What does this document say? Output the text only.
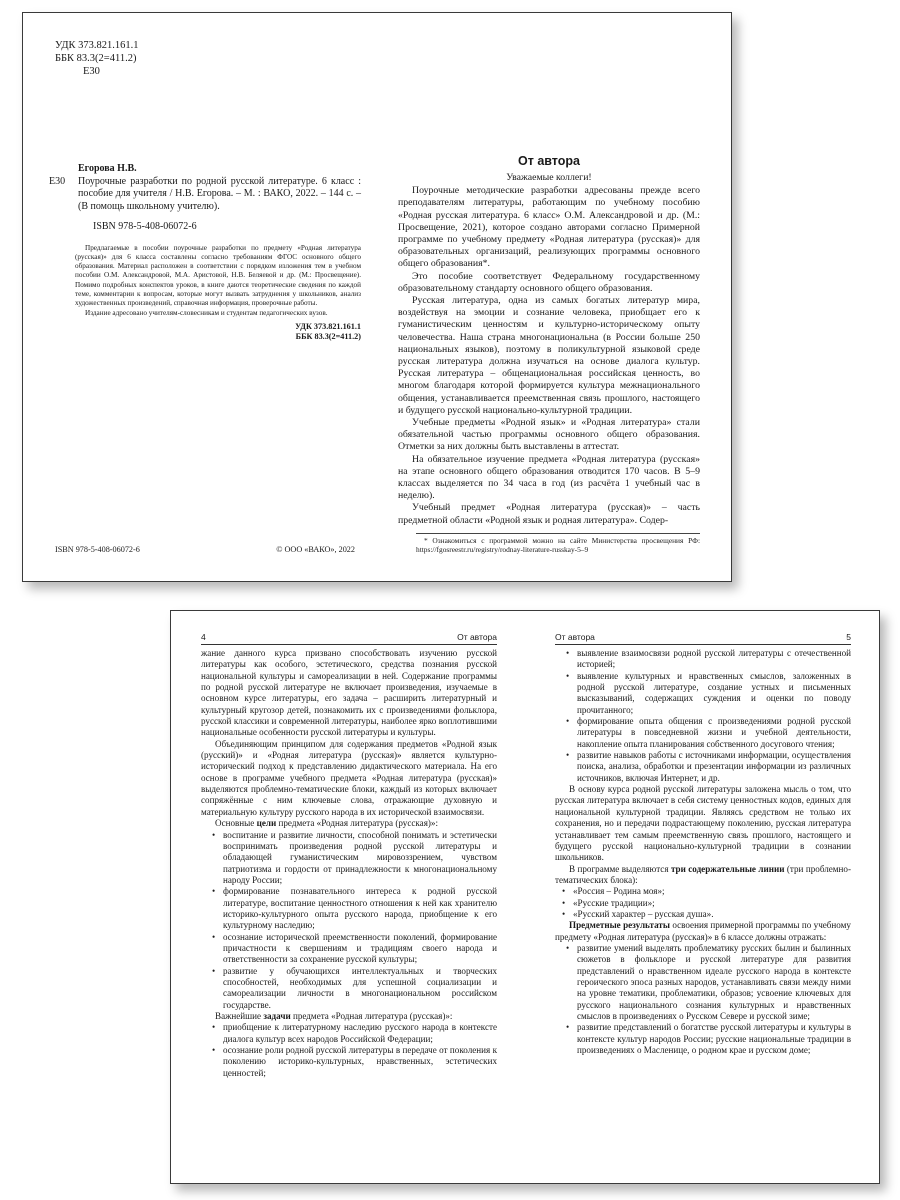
УДК 373.821.161.1
ББК 83.3(2=411.2)
Е30
Егорова Н.В.
Е30	Поурочные разработки по родной русской литературе. 6 класс : пособие для учителя / Н.В. Егорова. – М. : ВАКО, 2022. – 144 с. – (В помощь школьному учителю).
ISBN 978-5-408-06072-6

Предлагаемые в пособии поурочные разработки по предмету «Родная литература (русская)» для 6 класса составлены согласно требованиям ФГОС основного общего образования. Материал расположен в соответствии с порядком изложения тем в учебном пособии О.М. Александровой, М.А. Аристовой, Н.В. Беляевой и др. (М.: Просвещение). Помимо подробных конспектов уроков, в книге даются теоретические сведения по каждой теме, комментарии к вопросам, которые могут вызвать затруднения у школьников, анализ художественных произведений, справочная информация, проверочные работы.

Издание адресовано учителям-словесникам и студентам педагогических вузов.

УДК 373.821.161.1
ББК 83.3(2=411.2)
ISBN 978-5-408-06072-6	© ООО «ВАКО», 2022
От автора
Уважаемые коллеги!

Поурочные методические разработки адресованы прежде всего преподавателям литературы, работающим по учебному пособию «Родная русская литература. 6 класс» О.М. Александровой и др. (М.: Просвещение, 2021), которое создано авторами согласно Примерной программе по учебному предмету «Родная литература (русская)» для образовательных организаций, реализующих программы основного общего образования*.

Это пособие соответствует Федеральному государственному образовательному стандарту основного общего образования.

Русская литература, одна из самых богатых литератур мира, воздействуя на эмоции и сознание человека, приобщает его к гуманистическим ценностям и культурно-историческому опыту человечества. Наша страна многонациональна (в России больше 250 национальных языков), поэтому в поликультурной языковой среде русская литература должна изучаться на основе диалога культур. Русская литература – общенациональная российская ценность, во многом благодаря которой формируется культура межнационального общения, устанавливается преемственная связь прошлого, настоящего и будущего русской национально-культурной традиции.

Учебные предметы «Родной язык» и «Родная литература» стали обязательной частью программы основного общего образования. Отметки за них должны быть выставлены в аттестат.

На обязательное изучение предмета «Родная литература (русская» на этапе основного общего образования отводится 170 часов. В 5–9 классах выделяется по 34 часа в год (из расчёта 1 учебный час в неделю).

Учебный предмет «Родная литература (русская)» – часть предметной области «Родной язык и родная литература». Содер-

* Ознакомиться с программой можно на сайте Министерства просвещения РФ: https://fgosreestr.ru/registry/rodnay-literature-russkay-5–9
4	От автора

жание данного курса призвано способствовать изучению русской литературы как особого, эстетического, средства познания русской национальной культуры и самореализации в ней. Содержание программы по родной русской литературе не включает произведения, изучаемые в основном курсе литературы, его задача – расширить литературный и культурный кругозор детей, познакомить их с произведениями фольклора, русской классики и современной литературы, наиболее ярко воплотившими национальные особенности русской литературы и культуры.

Объединяющим принципом для содержания предметов «Родной язык (русский)» и «Родная литература (русская)» является культурно-исторический подход к представлению дидактического материала. На его основе в программе учебного предмета «Родная литература (русская)» выделяются проблемно-тематические блоки, каждый из которых включает сопряжённые с ним ключевые слова, отражающие духовную и материальную культуру русского народа в их исторической взаимосвязи.

Основные цели предмета «Родная литература (русская)»:

• воспитание и развитие личности, способной понимать и эстетически воспринимать произведения родной русской литературы и обладающей гуманистическим мировоззрением, чувством патриотизма и гордости от принадлежности к многонациональному народу России;
• формирование познавательного интереса к родной русской литературе, воспитание ценностного отношения к ней как хранителю историко-культурного опыта русского народа, приобщение к его культурному наследию;
• осознание исторической преемственности поколений, формирование причастности к свершениям и традициям своего народа и ответственности за сохранение русской культуры;
• развитие у обучающихся интеллектуальных и творческих способностей, необходимых для успешной социализации и самореализации личности в многонациональном российском государстве.

Важнейшие задачи предмета «Родная литература (русская)»:

• приобщение к литературному наследию русского народа в контексте диалога культур всех народов Российской Федерации;
• осознание роли родной русской литературы в передаче от поколения к поколению историко-культурных, нравственных, эстетических ценностей;
От автора	5
• выявление взаимосвязи родной русской литературы с отечественной историей;
• выявление культурных и нравственных смыслов, заложенных в родной русской литературе, создание устных и письменных высказываний, содержащих суждения и оценки по поводу прочитанного;
• формирование опыта общения с произведениями родной русской литературы в повседневной жизни и учебной деятельности, накопление опыта планирования собственного досугового чтения;
• развитие навыков работы с источниками информации, осуществления поиска, анализа, обработки и презентации информации из различных источников, включая Интернет, и др.

В основу курса родной русской литературы заложена мысль о том, что русская литература включает в себя систему ценностных кодов, единых для национальной культурной традиции. Являясь средством не только их сохранения, но и передачи подрастающему поколению, русская литература устанавливает тем самым преемственную связь прошлого, настоящего и будущего русской национально-культурной традиции в сознании школьников.

В программе выделяются три содержательные линии (три проблемно-тематических блока):

• «Россия – Родина моя»;
• «Русские традиции»;
• «Русский характер – русская душа».

Предметные результаты освоения примерной программы по учебному предмету «Родная литература (русская)» в 6 классе должны отражать:

• развитие умений выделять проблематику русских былин и былинных сюжетов в фольклоре и русской литературе для развития представлений о нравственном идеале русского народа в контексте героического эпоса разных народов, устанавливать связи между ними на уровне тематики, проблематики, образов; усвоение ключевых для русского национального сознания культурных и нравственных смыслов в произведениях о Русском Севере и русской зиме;
• развитие представлений о богатстве русской литературы и культуры в контексте культур народов России; русские национальные традиции в произведениях о Масленице, о родном крае и русском доме;
